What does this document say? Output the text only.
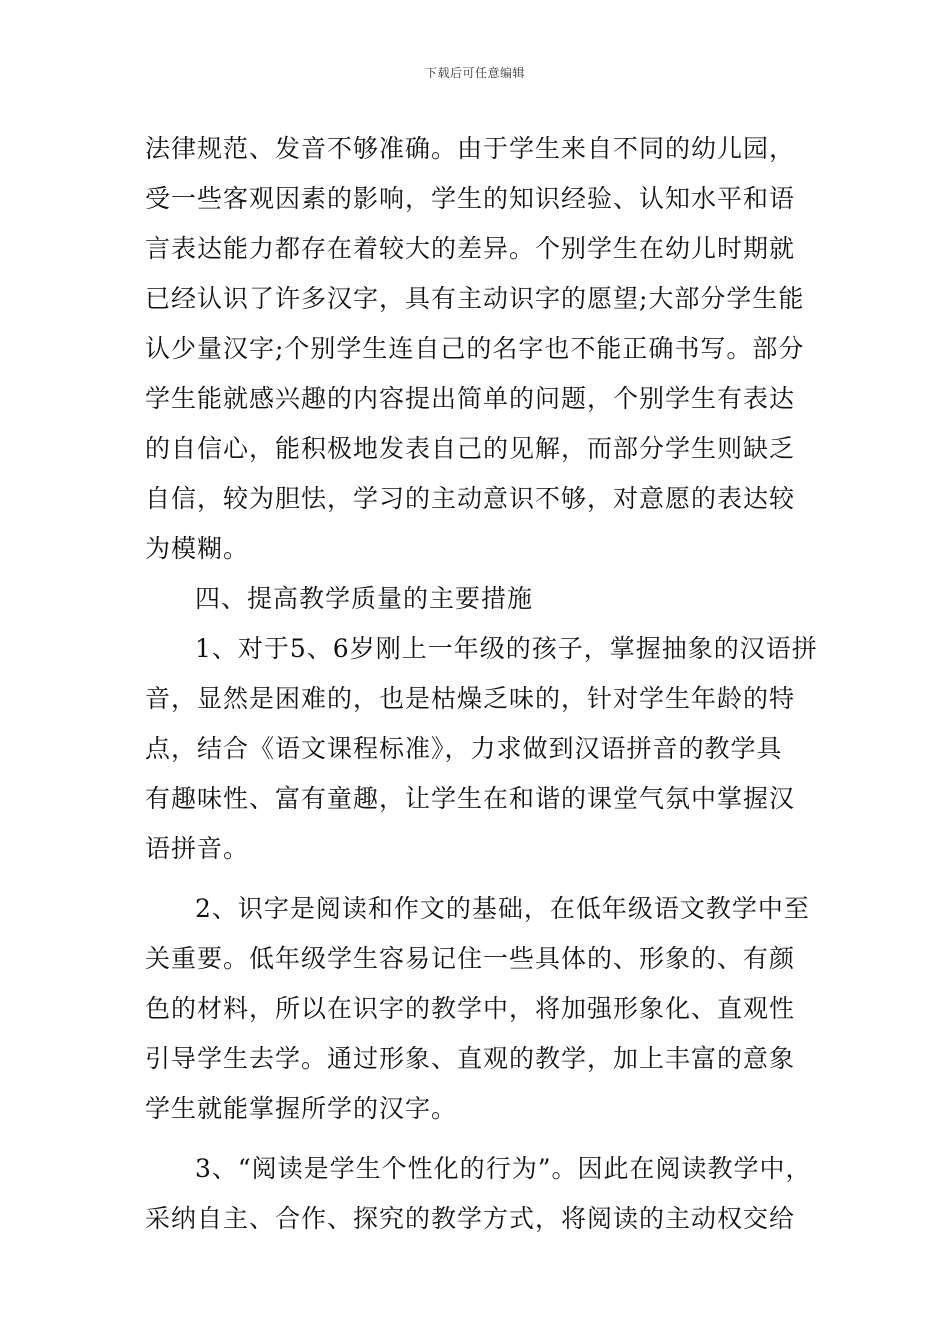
下载后可任意编辑
法律规范、发音不够准确。由于学生来自不同的幼儿园，
受一些客观因素的影响，学生的知识经验、认知水平和语
言表达能力都存在着较大的差异。个别学生在幼儿时期就
已经认识了许多汉字，具有主动识字的愿望;大部分学生能
认少量汉字;个别学生连自己的名字也不能正确书写。部分
学生能就感兴趣的内容提出简单的问题，个别学生有表达
的自信心，能积极地发表自己的见解，而部分学生则缺乏
自信，较为胆怯，学习的主动意识不够，对意愿的表达较
为模糊。
四、提高教学质量的主要措施
1、对于5、6岁刚上一年级的孩子，掌握抽象的汉语拼
音，显然是困难的，也是枯燥乏味的，针对学生年龄的特
点，结合《语文课程标准》，力求做到汉语拼音的教学具
有趣味性、富有童趣，让学生在和谐的课堂气氛中掌握汉
语拼音。
2、识字是阅读和作文的基础，在低年级语文教学中至
关重要。低年级学生容易记住一些具体的、形象的、有颜
色的材料，所以在识字的教学中，将加强形象化、直观性
引导学生去学。通过形象、直观的教学，加上丰富的意象
学生就能掌握所学的汉字。
3、“阅读是学生个性化的行为”。因此在阅读教学中，
采纳自主、合作、探究的教学方式，将阅读的主动权交给
